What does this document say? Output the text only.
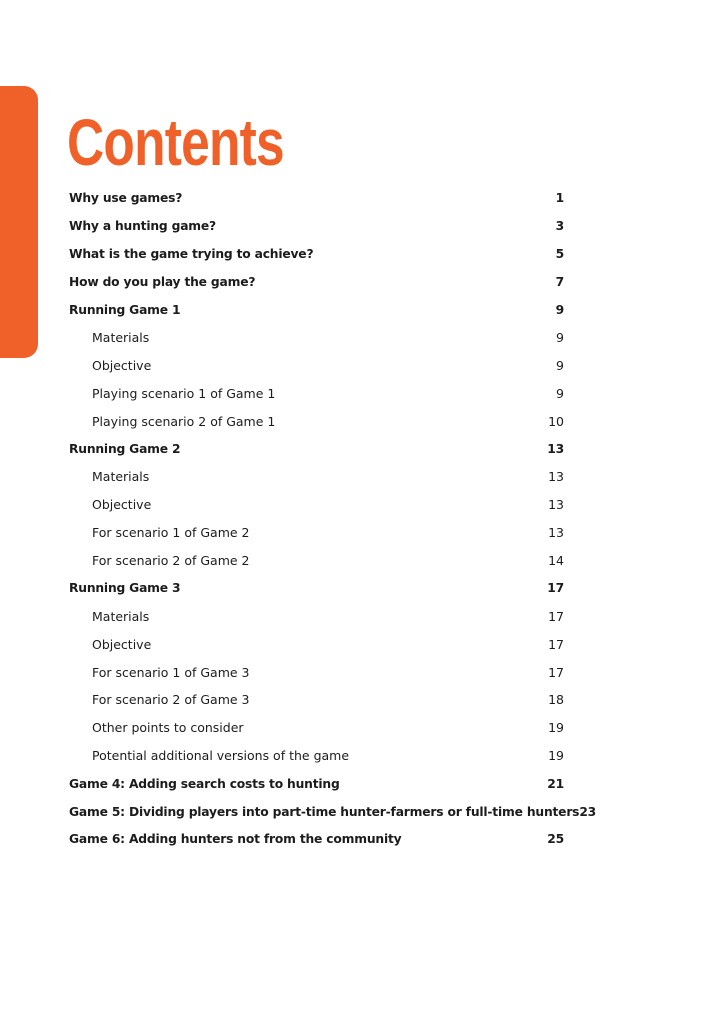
Contents
Why use games?	1
Why a hunting game?	3
What is the game trying to achieve?	5
How do you play the game?	7
Running Game 1	9
Materials	9
Objective	9
Playing scenario 1 of Game 1	9
Playing scenario 2 of Game 1	10
Running Game 2	13
Materials	13
Objective	13
For scenario 1 of Game 2	13
For scenario 2 of Game 2	14
Running Game 3	17
Materials	17
Objective	17
For scenario 1 of Game 3	17
For scenario 2 of Game 3	18
Other points to consider	19
Potential additional versions of the game	19
Game 4: Adding search costs to hunting	21
Game 5: Dividing players into part-time hunter-farmers or full-time hunters 23
Game 6: Adding hunters not from the community	25
